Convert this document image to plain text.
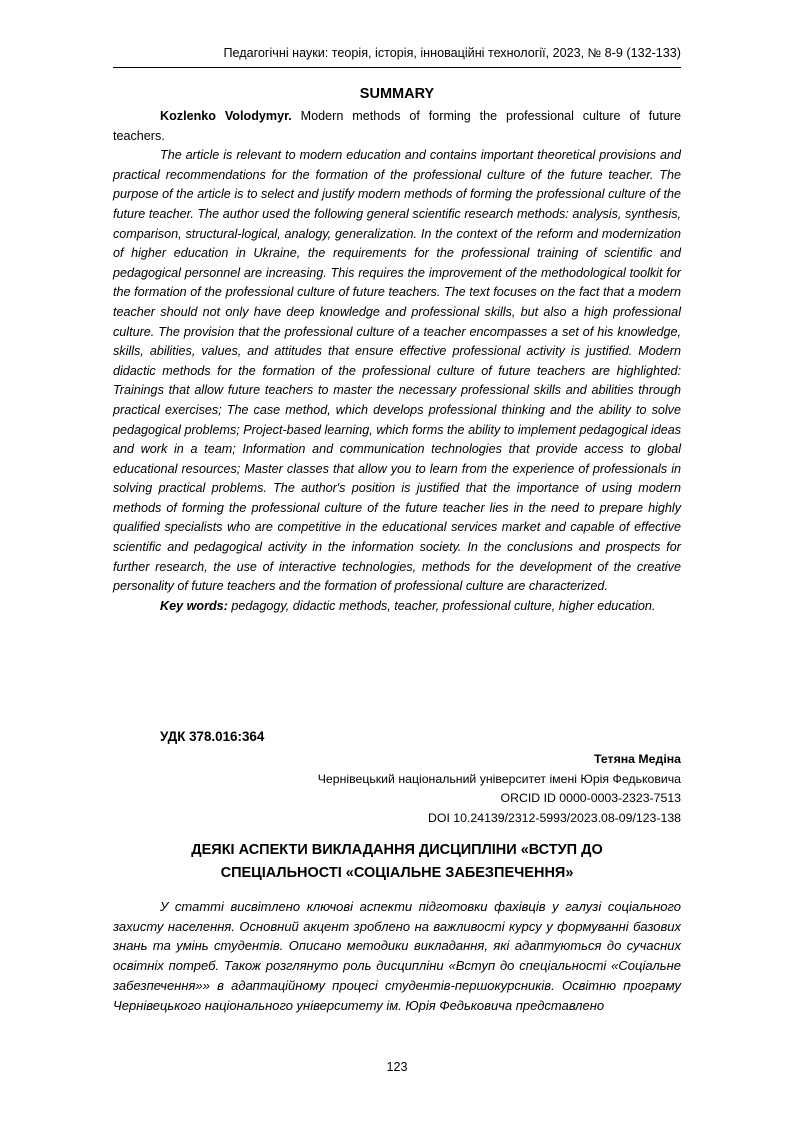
Педагогічні науки: теорія, історія, інноваційні технології, 2023, № 8-9 (132-133)
SUMMARY

Kozlenko Volodymyr. Modern methods of forming the professional culture of future teachers.

The article is relevant to modern education and contains important theoretical provisions and practical recommendations for the formation of the professional culture of the future teacher. The purpose of the article is to select and justify modern methods of forming the professional culture of the future teacher. The author used the following general scientific research methods: analysis, synthesis, comparison, structural-logical, analogy, generalization. In the context of the reform and modernization of higher education in Ukraine, the requirements for the professional training of scientific and pedagogical personnel are increasing. This requires the improvement of the methodological toolkit for the formation of the professional culture of future teachers. The text focuses on the fact that a modern teacher should not only have deep knowledge and professional skills, but also a high professional culture. The provision that the professional culture of a teacher encompasses a set of his knowledge, skills, abilities, values, and attitudes that ensure effective professional activity is justified. Modern didactic methods for the formation of the professional culture of future teachers are highlighted: Trainings that allow future teachers to master the necessary professional skills and abilities through practical exercises; The case method, which develops professional thinking and the ability to solve pedagogical problems; Project-based learning, which forms the ability to implement pedagogical ideas and work in a team; Information and communication technologies that provide access to global educational resources; Master classes that allow you to learn from the experience of professionals in solving practical problems. The author's position is justified that the importance of using modern methods of forming the professional culture of the future teacher lies in the need to prepare highly qualified specialists who are competitive in the educational services market and capable of effective scientific and pedagogical activity in the information society. In the conclusions and prospects for further research, the use of interactive technologies, methods for the development of the creative personality of future teachers and the formation of professional culture are characterized.

Key words: pedagogy, didactic methods, teacher, professional culture, higher education.

УДК 378.016:364
Тетяна Медіна
Чернівецький національний університет імені Юрія Федьковича
ORCID ID 0000-0003-2323-7513
DOI 10.24139/2312-5993/2023.08-09/123-138
ДЕЯКІ АСПЕКТИ ВИКЛАДАННЯ ДИСЦИПЛІНИ «ВСТУП ДО
СПЕЦІАЛЬНОСТІ «СОЦІАЛЬНЕ ЗАБЕЗПЕЧЕННЯ»

У статті висвітлено ключові аспекти підготовки фахівців у галузі соціального захисту населення. Основний акцент зроблено на важливості курсу у формуванні базових знань та умінь студентів. Описано методики викладання, які адаптуються до сучасних освітніх потреб. Також розглянуто роль дисципліни «Вступ до спеціальності «Соціальне забезпечення»» в адаптаційному процесі студентів-першокурсників. Освітню програму Чернівецького національного університету ім. Юрія Федьковича представлено

123
